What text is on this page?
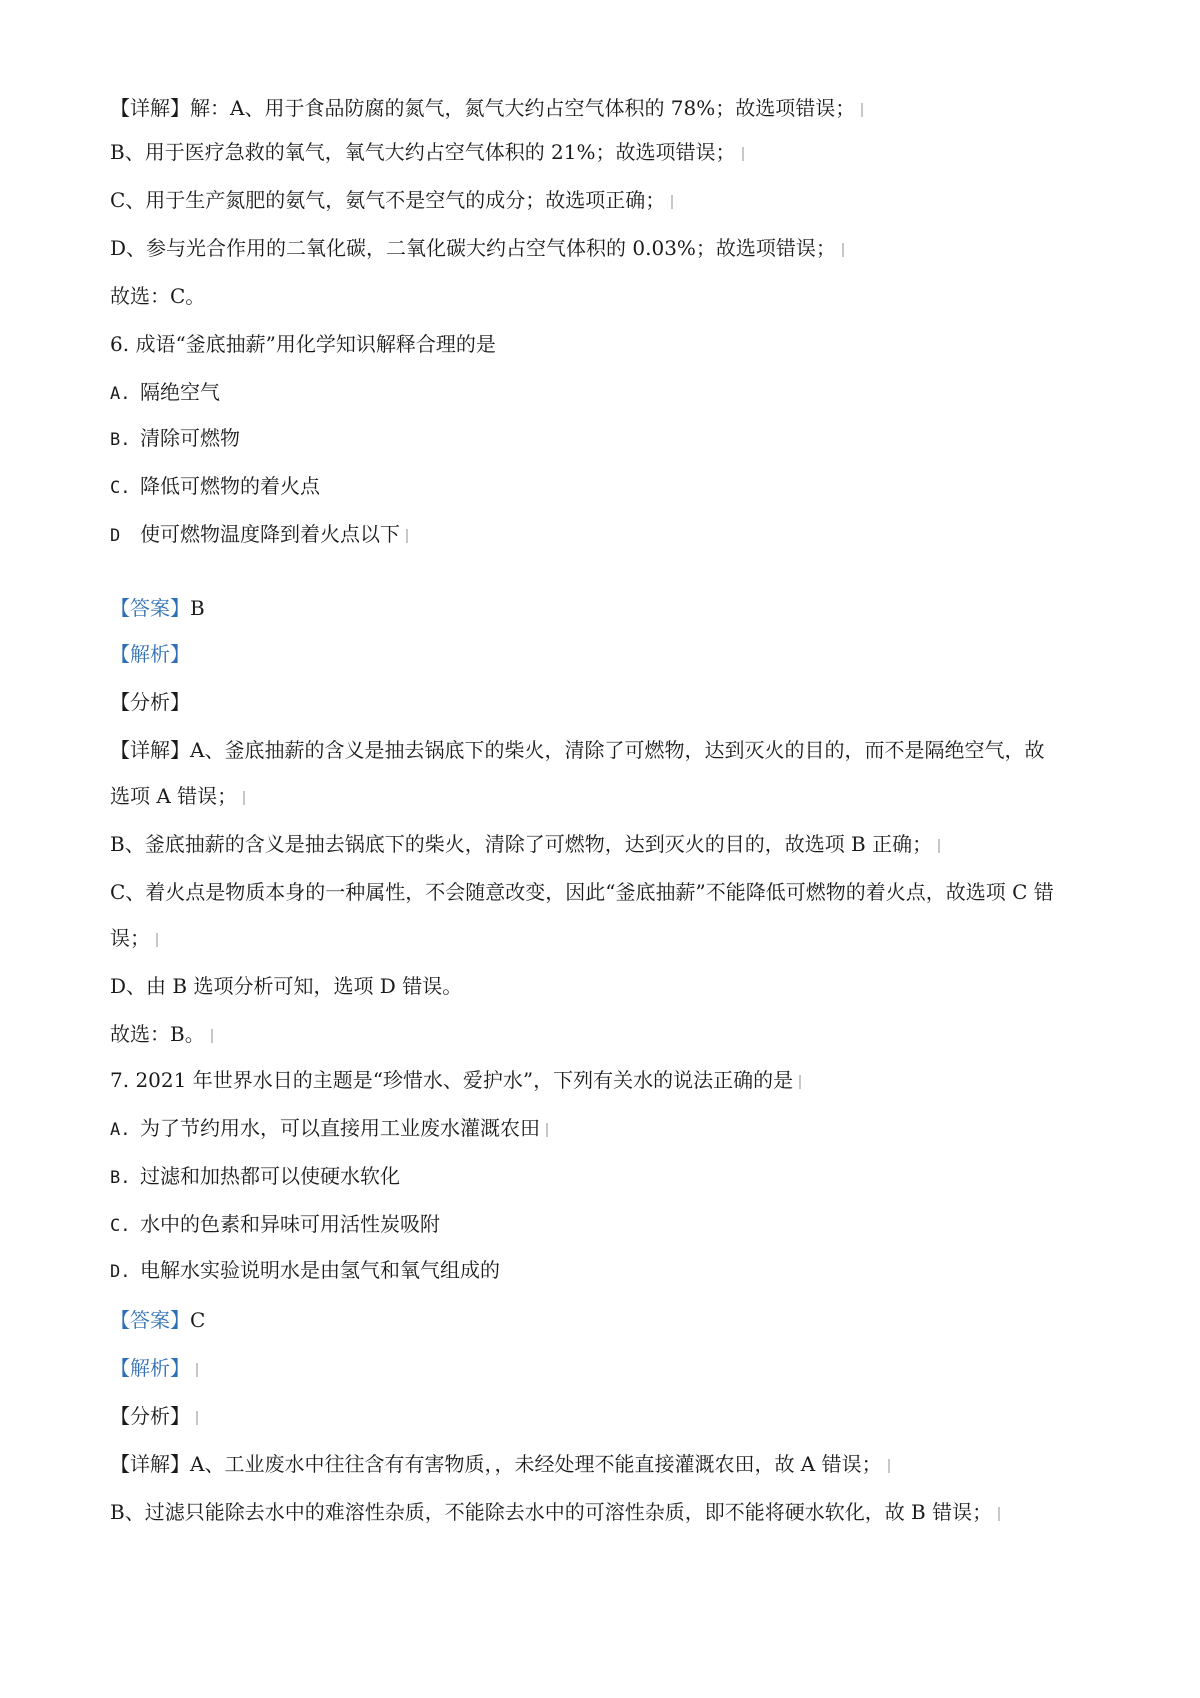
【详解】解：A、用于食品防腐的氮气，氮气大约占空气体积的 78%；故选项错误；
B、用于医疗急救的氧气，氧气大约占空气体积的 21%；故选项错误；
C、用于生产氮肥的氨气，氨气不是空气的成分；故选项正确；
D、参与光合作用的二氧化碳，二氧化碳大约占空气体积的 0.03%；故选项错误；
故选：C。
6. 成语“釜底抽薪”用化学知识解释合理的是
A. 隔绝空气
B. 清除可燃物
C. 降低可燃物的着火点
D 使可燃物温度降到着火点以下
【答案】B
【解析】
【分析】
【详解】A、釜底抽薪的含义是抽去锅底下的柴火，清除了可燃物，达到灭火的目的，而不是隔绝空气，故
选项 A 错误；
B、釜底抽薪的含义是抽去锅底下的柴火，清除了可燃物，达到灭火的目的，故选项 B 正确；
C、着火点是物质本身的一种属性，不会随意改变，因此“釜底抽薪”不能降低可燃物的着火点，故选项 C 错
误；
D、由 B 选项分析可知，选项 D 错误。
故选：B。
7. 2021 年世界水日的主题是“珍惜水、爱护水”，下列有关水的说法正确的是
A. 为了节约用水，可以直接用工业废水灌溉农田
B. 过滤和加热都可以使硬水软化
C. 水中的色素和异味可用活性炭吸附
D. 电解水实验说明水是由氢气和氧气组成的
【答案】C
【解析】
【分析】
【详解】A、工业废水中往往含有有害物质，，未经处理不能直接灌溉农田，故 A 错误；
B、过滤只能除去水中的难溶性杂质，不能除去水中的可溶性杂质，即不能将硬水软化，故 B 错误；
